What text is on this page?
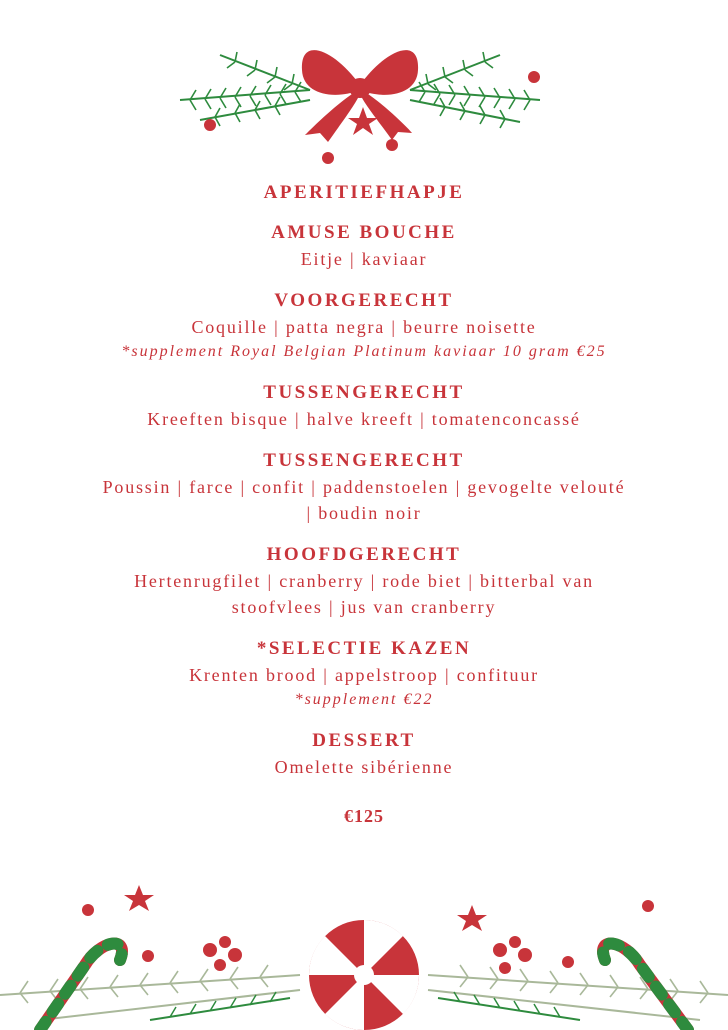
APERITIEFHAPJE
AMUSE BOUCHE
Eitje | kaviaar
VOORGERECHT
Coquille | patta negra | beurre noisette
*supplement Royal Belgian Platinum kaviaar 10 gram €25
TUSSENGERECHT
Kreeften bisque | halve kreeft | tomatenconcassé
TUSSENGERECHT
Poussin | farce | confit | paddenstoelen | gevogelte velouté
| boudin noir
HOOFDGERECHT
Hertenrugfilet | cranberry | rode biet | bitterbal van
stoofvlees | jus van cranberry
*SELECTIE KAZEN
Krenten brood | appelstroop | confituur
*supplement €22
DESSERT
Omelette sibérienne
€125
